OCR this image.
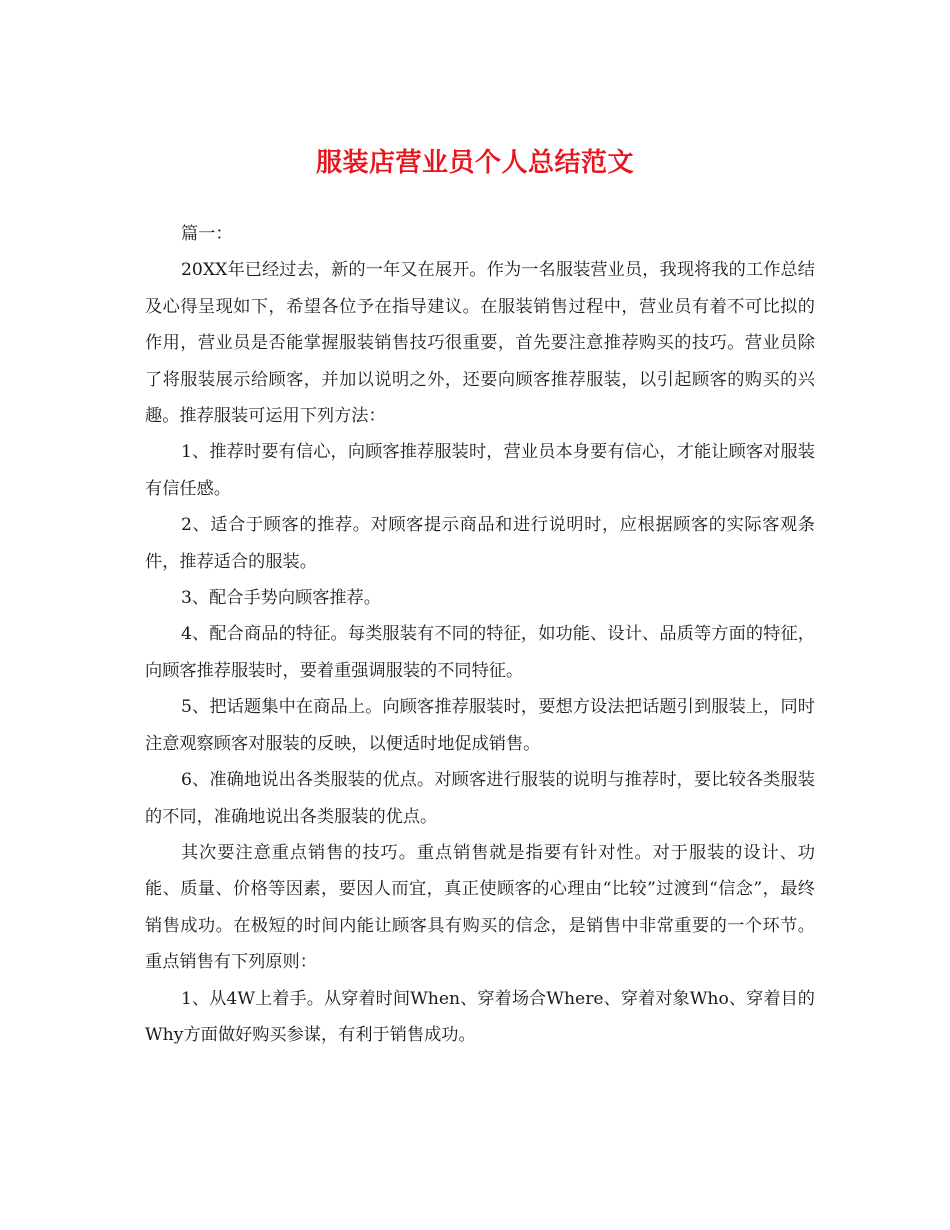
服装店营业员个人总结范文

篇一：

20XX年已经过去，新的一年又在展开。作为一名服装营业员，我现将我的工作总结及心得呈现如下，希望各位予在指导建议。在服装销售过程中，营业员有着不可比拟的作用，营业员是否能掌握服装销售技巧很重要，首先要注意推荐购买的技巧。营业员除了将服装展示给顾客，并加以说明之外，还要向顾客推荐服装，以引起顾客的购买的兴趣。推荐服装可运用下列方法：

1、推荐时要有信心，向顾客推荐服装时，营业员本身要有信心，才能让顾客对服装有信任感。

2、适合于顾客的推荐。对顾客提示商品和进行说明时，应根据顾客的实际客观条件，推荐适合的服装。

3、配合手势向顾客推荐。

4、配合商品的特征。每类服装有不同的特征，如功能、设计、品质等方面的特征，向顾客推荐服装时，要着重强调服装的不同特征。

5、把话题集中在商品上。向顾客推荐服装时，要想方设法把话题引到服装上，同时注意观察顾客对服装的反映，以便适时地促成销售。

6、准确地说出各类服装的优点。对顾客进行服装的说明与推荐时，要比较各类服装的不同，准确地说出各类服装的优点。

其次要注意重点销售的技巧。重点销售就是指要有针对性。对于服装的设计、功能、质量、价格等因素，要因人而宜，真正使顾客的心理由“比较”过渡到“信念”，最终销售成功。在极短的时间内能让顾客具有购买的信念，是销售中非常重要的一个环节。重点销售有下列原则：

1、从4W上着手。从穿着时间When、穿着场合Where、穿着对象Who、穿着目的Why方面做好购买参谋，有利于销售成功。
